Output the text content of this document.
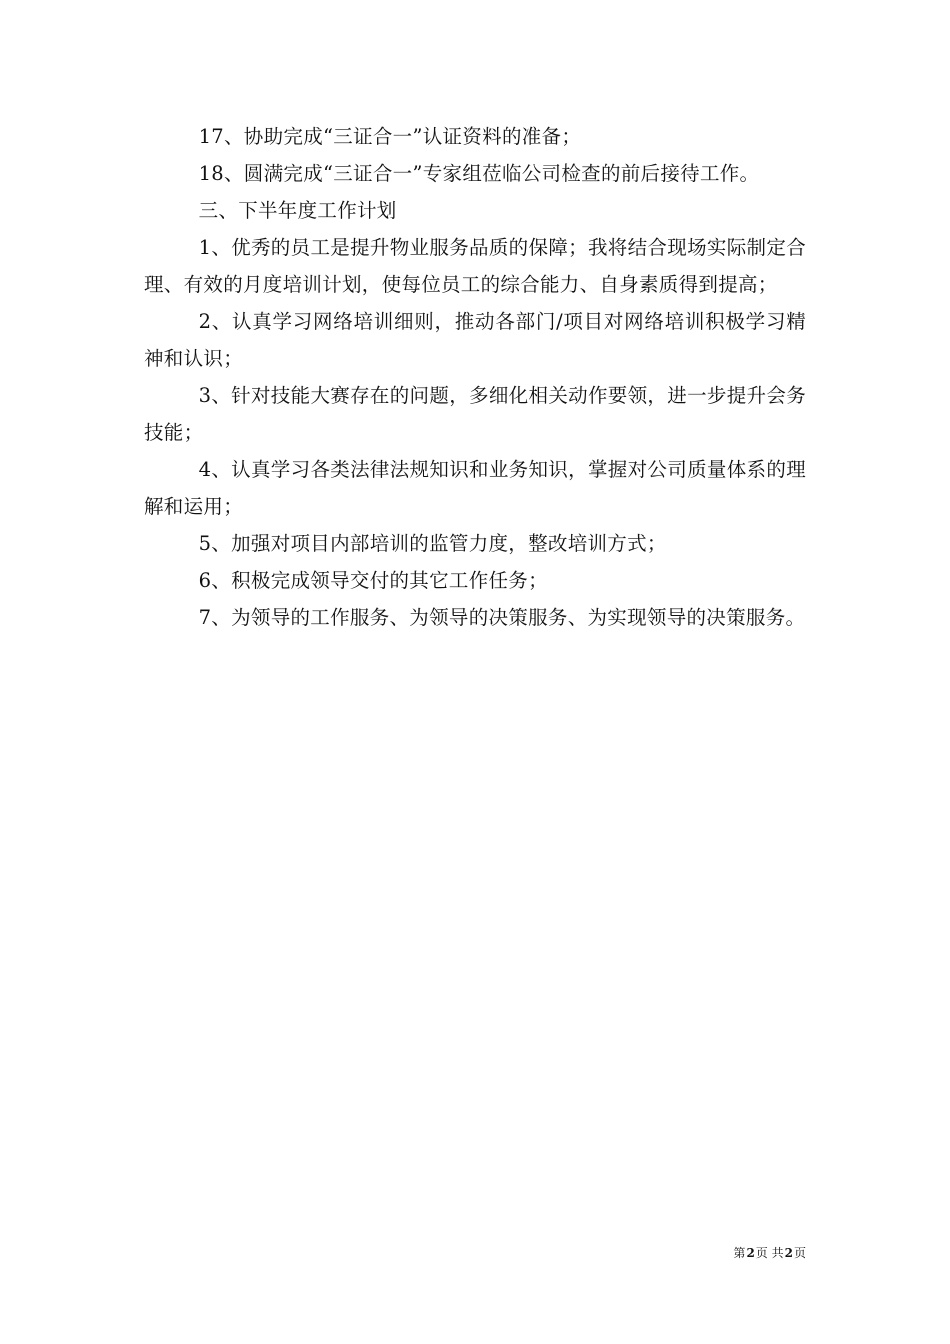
17、协助完成“三证合一”认证资料的准备；

18、圆满完成“三证合一”专家组莅临公司检查的前后接待工作。

三、下半年度工作计划

1、优秀的员工是提升物业服务品质的保障；我将结合现场实际制定合理、有效的月度培训计划，使每位员工的综合能力、自身素质得到提高；

2、认真学习网络培训细则，推动各部门/项目对网络培训积极学习精神和认识；

3、针对技能大赛存在的问题，多细化相关动作要领，进一步提升会务技能；

4、认真学习各类法律法规知识和业务知识，掌握对公司质量体系的理解和运用；

5、加强对项目内部培训的监管力度，整改培训方式；

6、积极完成领导交付的其它工作任务；

7、为领导的工作服务、为领导的决策服务、为实现领导的决策服务。

第2页 共2页
